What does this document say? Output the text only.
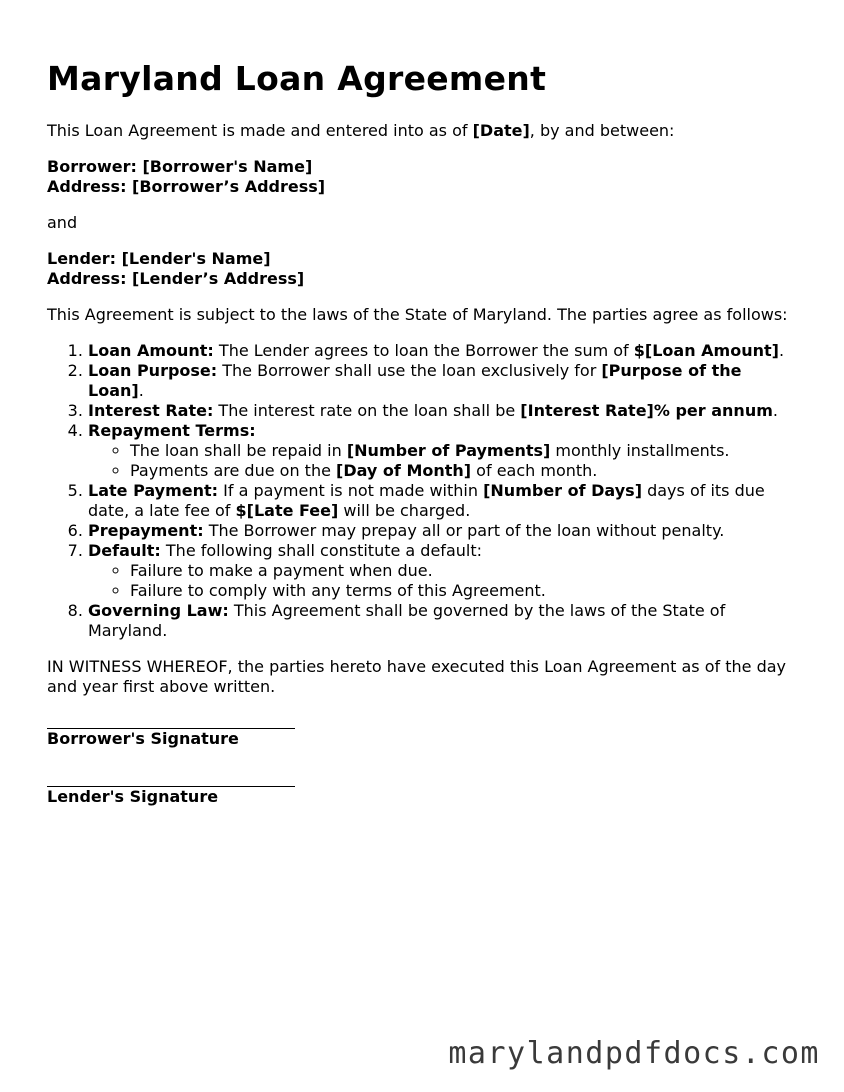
Maryland Loan Agreement

This Loan Agreement is made and entered into as of [Date], by and between:

Borrower: [Borrower's Name]

Address: [Borrower’s Address]

and

Lender: [Lender's Name]

Address: [Lender’s Address]

This Agreement is subject to the laws of the State of Maryland. The parties agree as follows:

1. Loan Amount: The Lender agrees to loan the Borrower the sum of $[Loan Amount].
2. Loan Purpose: The Borrower shall use the loan exclusively for [Purpose of the Loan].
3. Interest Rate: The interest rate on the loan shall be [Interest Rate]% per annum.
4. Repayment Terms:
◦ The loan shall be repaid in [Number of Payments] monthly installments.
◦ Payments are due on the [Day of Month] of each month.
5. Late Payment: If a payment is not made within [Number of Days] days of its due date, a late fee of $[Late Fee] will be charged.
6. Prepayment: The Borrower may prepay all or part of the loan without penalty.
7. Default: The following shall constitute a default:
◦ Failure to make a payment when due.
◦ Failure to comply with any terms of this Agreement.
8. Governing Law: This Agreement shall be governed by the laws of the State of Maryland.

IN WITNESS WHEREOF, the parties hereto have executed this Loan Agreement as of the day and year first above written.

Borrower's Signature

Lender's Signature

marylandpdfdocs.com
